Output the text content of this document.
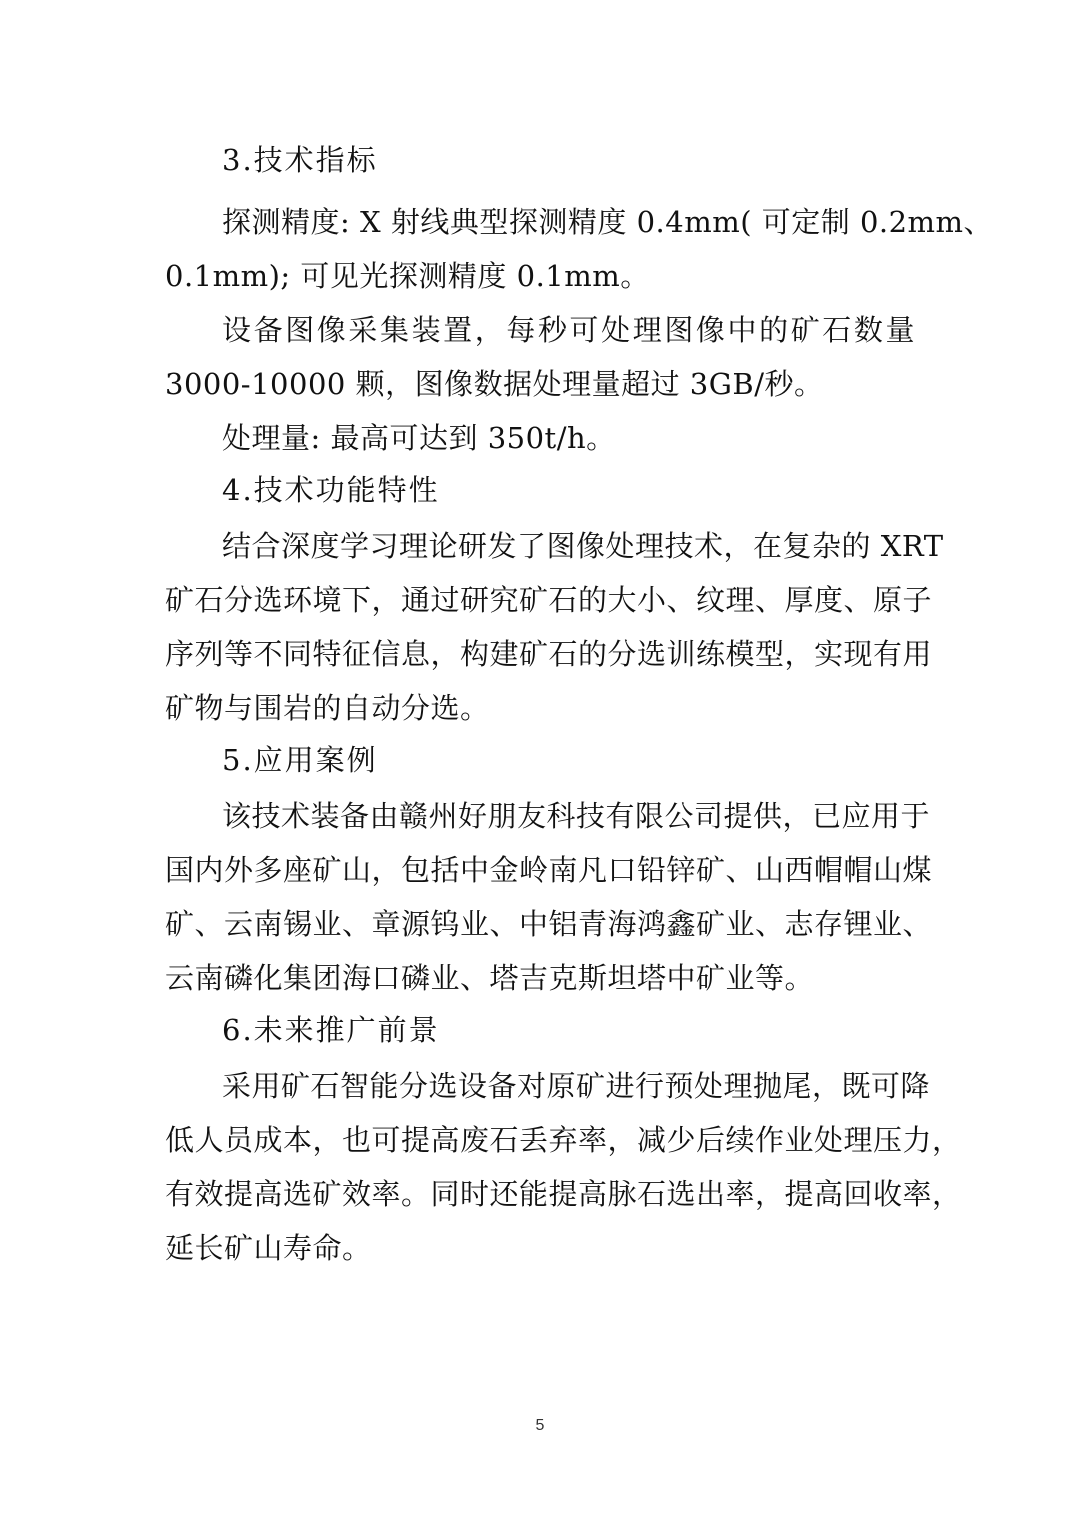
3.技术指标
探测精度: X 射线典型探测精度 0.4mm( 可定制 0.2mm、
0.1mm); 可见光探测精度 0.1mm。
设备图像采集装置，每秒可处理图像中的矿石数量
3000-10000 颗，图像数据处理量超过 3GB/秒。
处理量: 最高可达到 350t/h。
4.技术功能特性
结合深度学习理论研发了图像处理技术，在复杂的 XRT
矿石分选环境下，通过研究矿石的大小、纹理、厚度、原子
序列等不同特征信息，构建矿石的分选训练模型，实现有用
矿物与围岩的自动分选。
5.应用案例
该技术装备由赣州好朋友科技有限公司提供，已应用于
国内外多座矿山，包括中金岭南凡口铅锌矿、山西帽帽山煤
矿、云南锡业、章源钨业、中铝青海鸿鑫矿业、志存锂业、
云南磷化集团海口磷业、塔吉克斯坦塔中矿业等。
6.未来推广前景
采用矿石智能分选设备对原矿进行预处理抛尾，既可降
低人员成本，也可提高废石丢弃率，减少后续作业处理压力，
有效提高选矿效率。同时还能提高脉石选出率，提高回收率，
延长矿山寿命。
5
